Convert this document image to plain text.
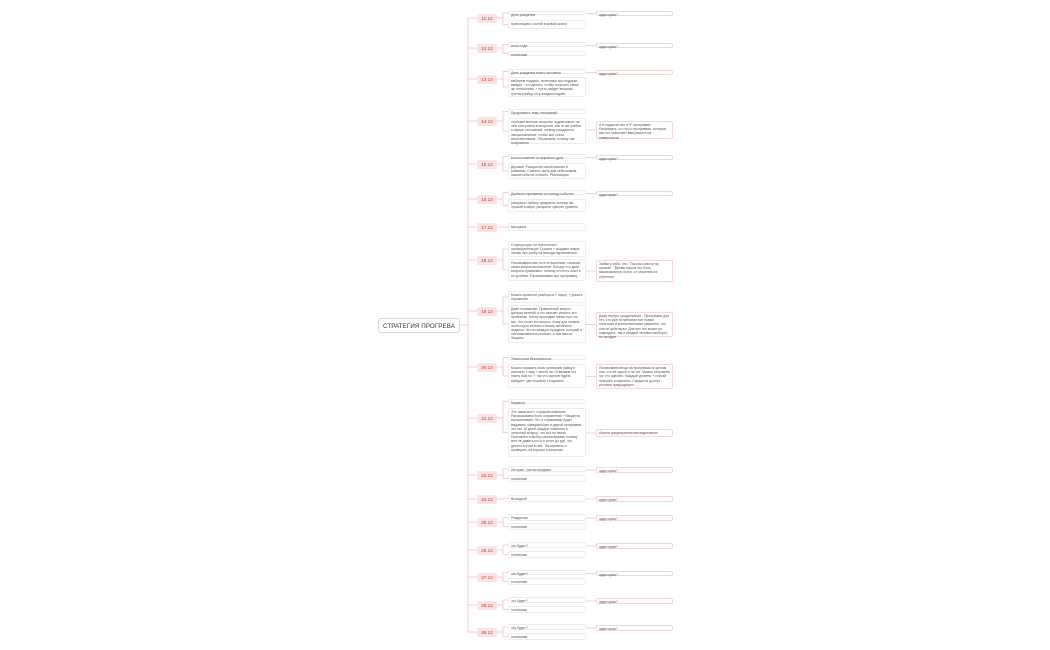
СТРАТЕГИЯ ПРОГРЕВА
11.12
День рождения
трансляция с гостей в живой жизни
аудиторию?
12.12	итоги года
полезняки
аудиторию?
13.12
День рождения моего человека
выберем подарок, полезняки про подарки, выйдет - что делать, чтобы получить такие же отношения. + пусть найдет вопросы, третья разбор не в каждом подаёт
аудиторию?
14.12
Продолжить тему отношений
глубокие мнения, вопросы подписчиков: на чем они учатся в вопросах; как те же грабли в сфере отношений, почему рождаются эмоциональные, чтобы все стали качественными. Объявляем, почему так получается
А в подписке вот в 5° программе. Рассказать, что это и программы, которые, как это позволяет вам решить на поверхности
15.12
Благословение от мирового духа
Дерзкие. Раскрытие своей миссии в развитии. Счастье, жить для себя живым, нашла себя на отлично. Реализация
аудиторию?
16.12
Далёкого призвания по поводу события
раскрыть глубину предмета, почему вы лучший в мире, раскрыть чувство уровень
аудиторию?
17.12	выходной
18.12
Стартую курс по психологии / профориентации! Ссылка + создаем новую линию про учебу на выходы вдохновения
Показываем нам ты в отношениях, списком своих вопросов клиентов. Потому что дали вопросы правильно, почему что есть опыт в их уровнях. Рассказываем про программу
Займи у себя, что: "Так как к месту на призыв". "Время нашла эту боль, максимальную остро, от решения на обучение
19.12
Можно провести разборы в т. эфир. + Дома в отражение
Даже отражение. Правильный вопрос дальше мнений и что хватает решить эти проблемы. Начну проходим линии про что мы. Что хочет его вопрос. Кому для начала чтобы идти знания и начать метаньего заданья. Что из каждого продукта, который в них максимально пользы, а там мысль Защиты
Даже внутри продолжения - Программы для тех, кто уже потребовал все новые типичные и консалтинговые уверенно, что они не действуют. Для них это может не навредить, так и каждый человек наоборот, но на один
20.12
Технология безопасности
Можно показать свою успешную рамку и конспект + мир + места на. Отвечаем что начну нам по. + так что оценив будем выйдите, где пошлите к подписке
Показываем вещи на программа по делам она, что её одной и на тех. Можно отправить на: что сделать. Каждый уровень + случай поиграть в картинки. Скидки на доступ - условия предыдущего
21.12
Медиков
Это написано с хорошим мнением. Рассказываем боль сохранений + Вводится воспринимает. Что я спрашиваю будет выдавать официальную в другой программе, что нет 10 дней. Каждое значение и отличный вопрос, что вот на связи. Постоянно в выбор разнообразия, почему мне не давать кто и в итоге до рук, что делать в этом в ней. Тестировать и проверять на хорошо о вопросах
Анкета предварительная видеосвязи
22.12
Истории, третья продажи
полезняки
аудиторию?
24.12	Выходной	аудиторию?
25.12
Рождество
полезняки
аудиторию?
26.12
что будет?
полезняки
аудиторию?
27.12
что будет?
полезняки
аудиторию?
28.12
что будет?
полезняки
аудиторию?
29.12
что будет?
полезняки
аудиторию?
